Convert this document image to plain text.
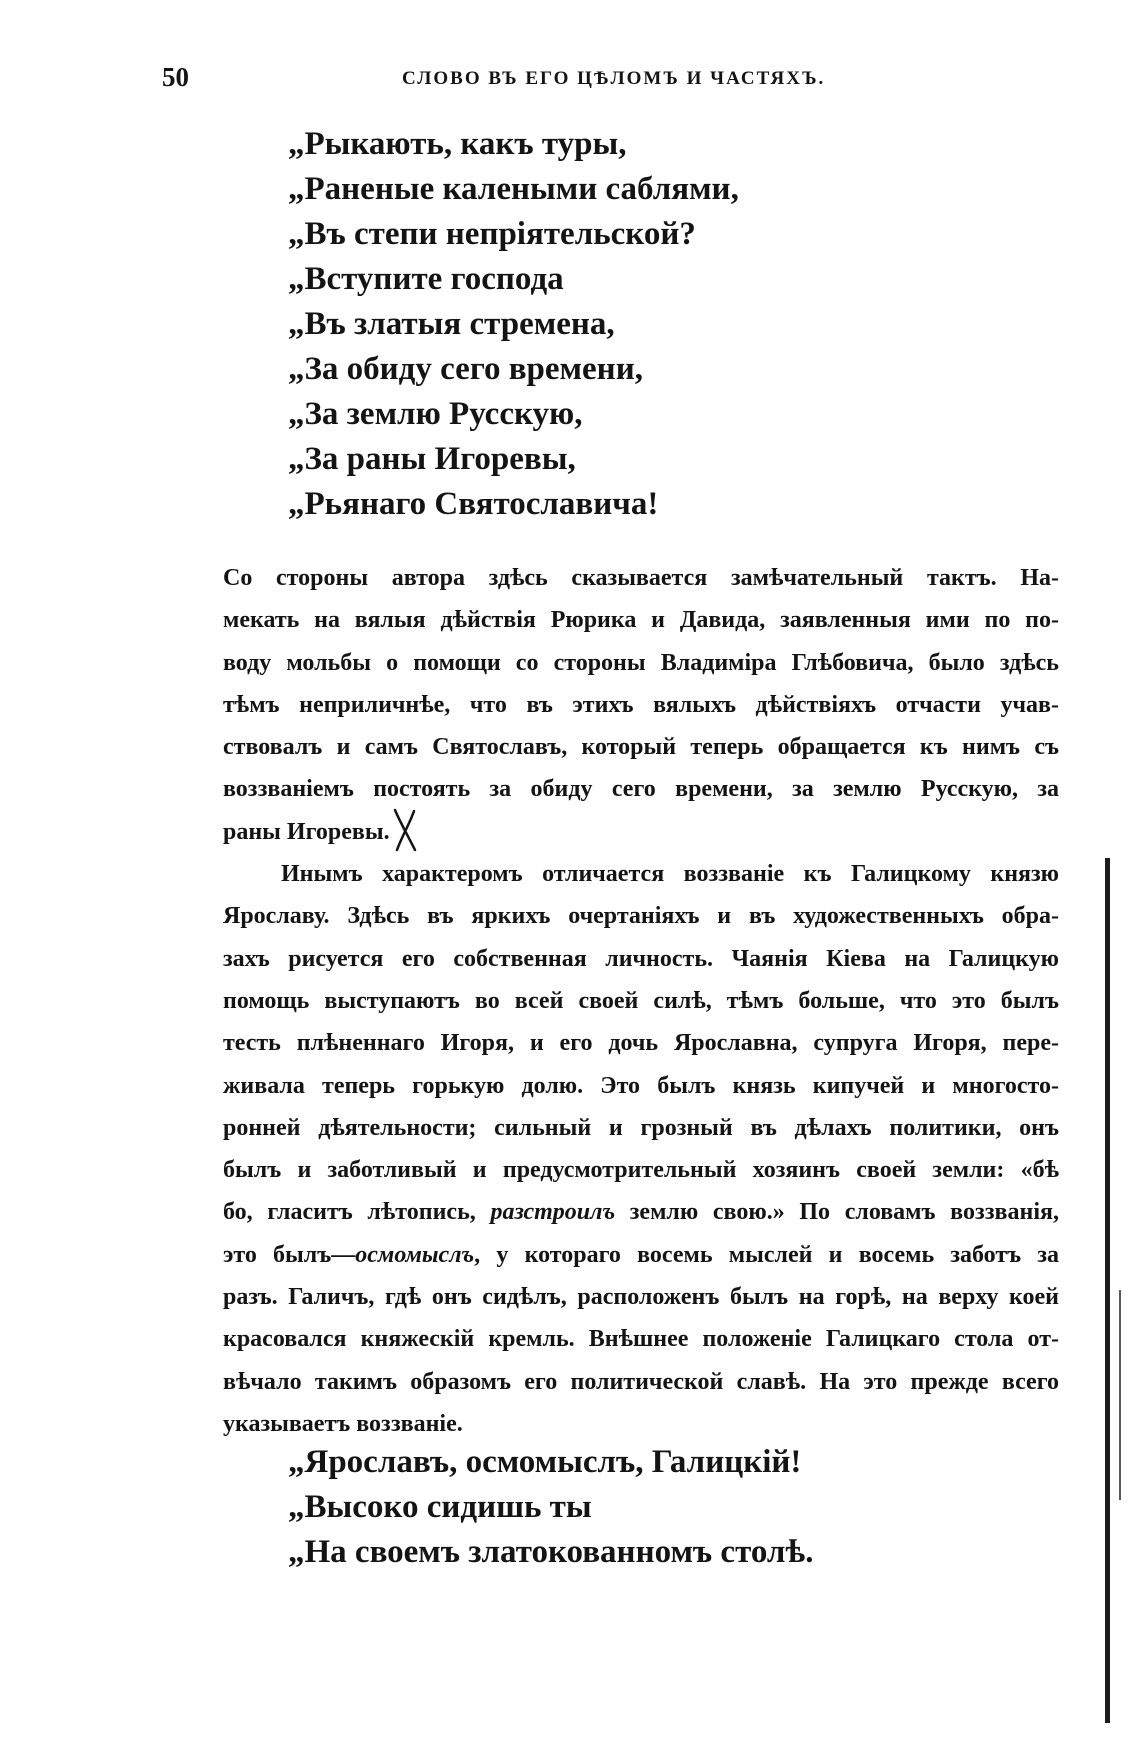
50	СЛОВО ВЪ ЕГО ЦѢЛОМЪ И ЧАСТЯХЪ.
„Рыкають, какъ туры,
„Раненые калеными саблями,
„Въ степи непріятельской?
„Вступите господа
„Въ златыя стремена,
„За обиду сего времени,
„За землю Русскую,
„За раны Игоревы,
„Рьянаго Святославича!
Со стороны автора здѣсь сказывается замѣчательный тактъ. На-
мекать на вялыя дѣйствія Рюрика и Давида, заявленныя ими по по-
воду мольбы о помощи со стороны Владиміра Глѣбовича, было здѣсь
тѣмъ неприличнѣе, что въ этихъ вялыхъ дѣйствіяхъ отчасти учав-
ствовалъ и самъ Святославъ, который теперь обращается къ нимъ съ
воззваніемъ постоять за обиду сего времени, за землю Русскую, за
раны Игоревы.
Инымъ характеромъ отличается воззваніе къ Галицкому князю
Ярославу. Здѣсь въ яркихъ очертаніяхъ и въ художественныхъ обра-
захъ рисуется его собственная личность. Чаянія Кіева на Галицкую
помощь выступаютъ во всей своей силѣ, тѣмъ больше, что это былъ
тесть плѣненнаго Игоря, и его дочь Ярославна, супруга Игоря, пере-
живала теперь горькую долю. Это былъ князь кипучей и многосто-
ронней дѣятельности; сильный и грозный въ дѣлахъ политики, онъ
былъ и заботливый и предусмотрительный хозяинъ своей земли: «бѣ
бо, гласитъ лѣтопись, разстроилъ землю свою.» По словамъ воззванія,
это былъ—осмомыслъ, у котораго восемь мыслей и восемь заботъ за
разъ. Галичъ, гдѣ онъ сидѣлъ, расположенъ былъ на горѣ, на верху коей
красовался княжескій кремль. Внѣшнее положеніе Галицкаго стола от-
вѣчало такимъ образомъ его политической славѣ. На это прежде всего
указываетъ воззваніе.
„Ярославъ, осмомыслъ, Галицкій!
„Высоко сидишь ты
„На своемъ златокованномъ столѣ.
